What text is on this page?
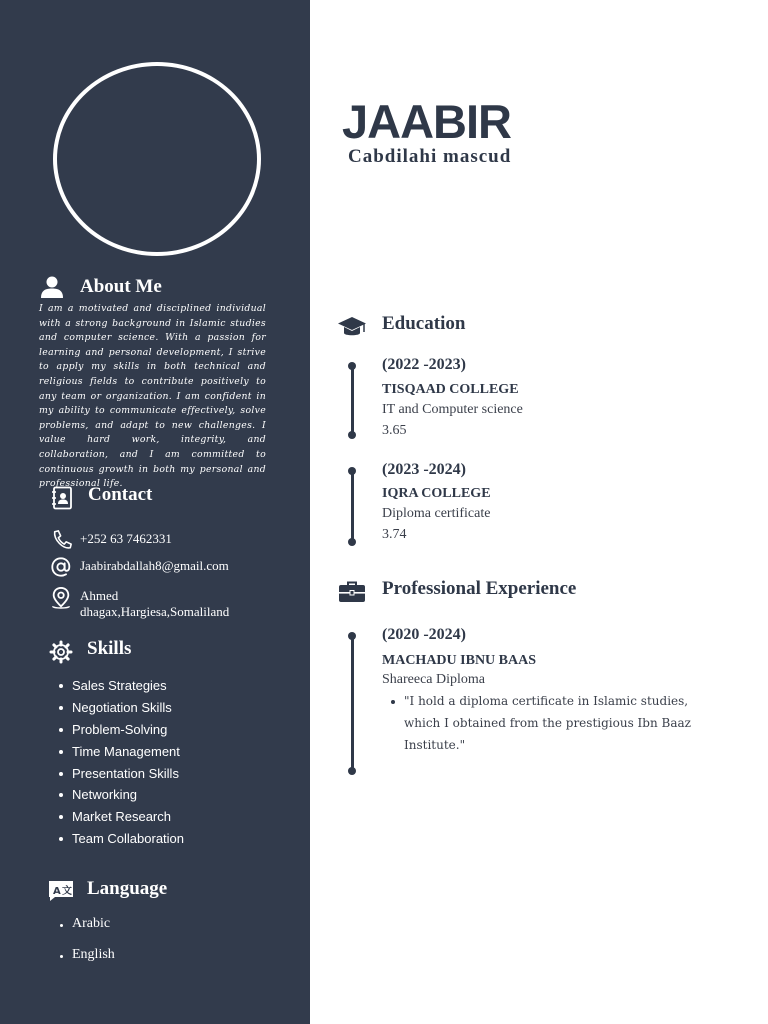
About Me
I am a motivated and disciplined individual with a strong background in Islamic studies and computer science. With a passion for learning and personal development, I strive to apply my skills in both technical and religious fields to contribute positively to any team or organization. I am confident in my ability to communicate effectively, solve problems, and adapt to new challenges. I value hard work, integrity, and collaboration, and I am committed to continuous growth in both my personal and professional life.
Contact
+252 63 7462331
Jaabirabdallah8@gmail.com
Ahmed
dhagax,Hargiesa,Somaliland
Skills
Sales Strategies
Negotiation Skills
Problem-Solving
Time Management
Presentation Skills
Networking
Market Research
Team Collaboration
A 文 Language
Arabic
English
JAABIR
Cabdilahi mascud
Education
(2022 -2023)
TISQAAD COLLEGE
IT and Computer science
3.65
(2023 -2024)
IQRA COLLEGE
Diploma certificate
3.74
Professional Experience
(2020 -2024)
MACHADU IBNU BAAS
Shareeca Diploma
"I hold a diploma certificate in Islamic studies, which I obtained from the prestigious Ibn Baaz Institute."
